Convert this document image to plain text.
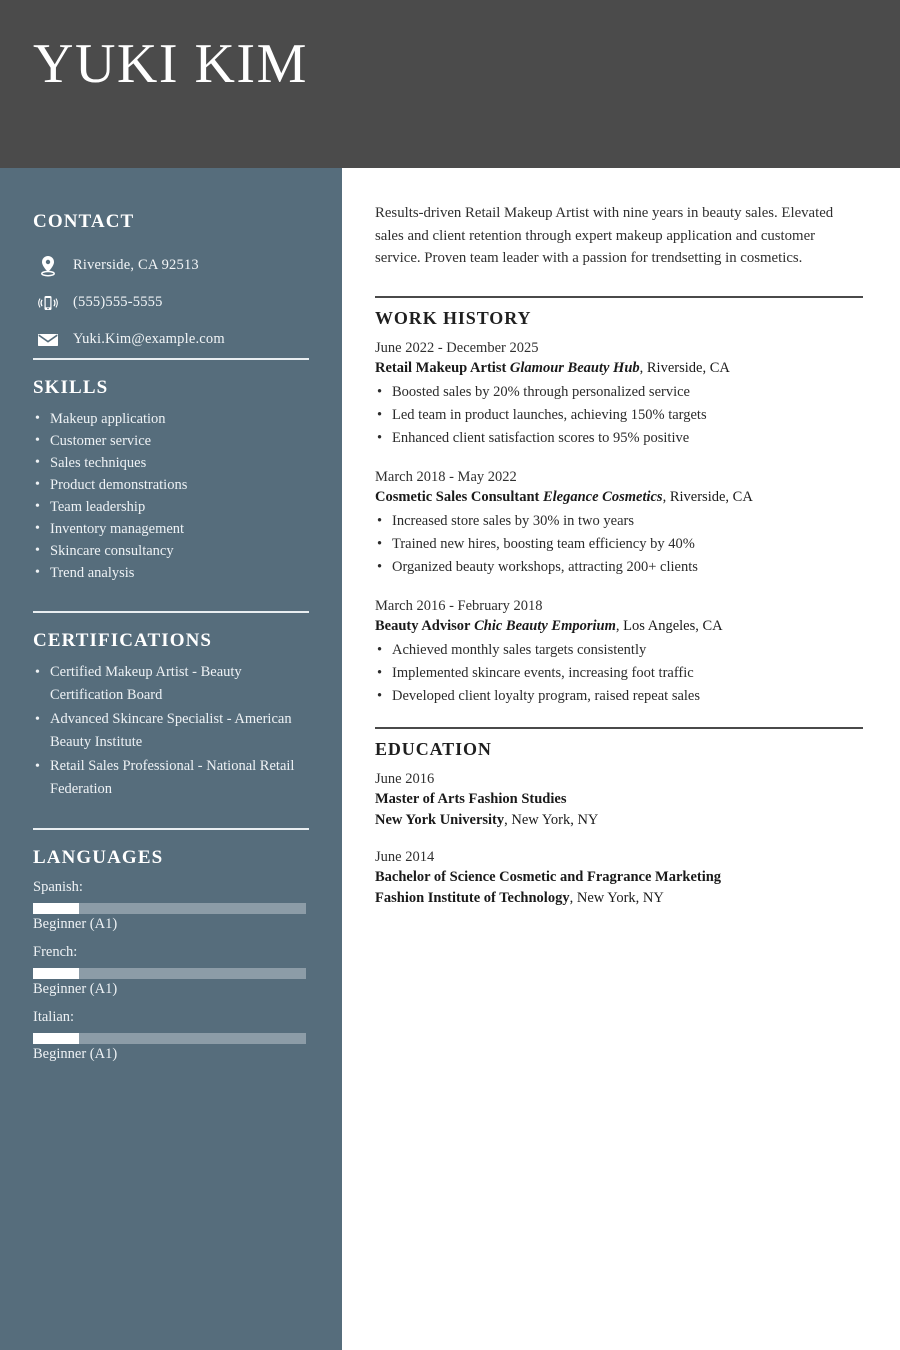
YUKI KIM
CONTACT
Riverside, CA 92513
(555)555-5555
Yuki.Kim@example.com
SKILLS
• Makeup application
• Customer service
• Sales techniques
• Product demonstrations
• Team leadership
• Inventory management
• Skincare consultancy
• Trend analysis
CERTIFICATIONS
• Certified Makeup Artist - Beauty Certification Board
• Advanced Skincare Specialist - American Beauty Institute
• Retail Sales Professional - National Retail Federation
LANGUAGES
Spanish:
Beginner (A1)
French:
Beginner (A1)
Italian:
Beginner (A1)

Results-driven Retail Makeup Artist with nine years in beauty sales. Elevated sales and client retention through expert makeup application and customer service. Proven team leader with a passion for trendsetting in cosmetics.

WORK HISTORY
June 2022 - December 2025
Retail Makeup Artist Glamour Beauty Hub, Riverside, CA
• Boosted sales by 20% through personalized service
• Led team in product launches, achieving 150% targets
• Enhanced client satisfaction scores to 95% positive
March 2018 - May 2022
Cosmetic Sales Consultant Elegance Cosmetics, Riverside, CA
• Increased store sales by 30% in two years
• Trained new hires, boosting team efficiency by 40%
• Organized beauty workshops, attracting 200+ clients
March 2016 - February 2018
Beauty Advisor Chic Beauty Emporium, Los Angeles, CA
• Achieved monthly sales targets consistently
• Implemented skincare events, increasing foot traffic
• Developed client loyalty program, raised repeat sales
EDUCATION
June 2016
Master of Arts Fashion Studies
New York University, New York, NY
June 2014
Bachelor of Science Cosmetic and Fragrance Marketing
Fashion Institute of Technology, New York, NY
